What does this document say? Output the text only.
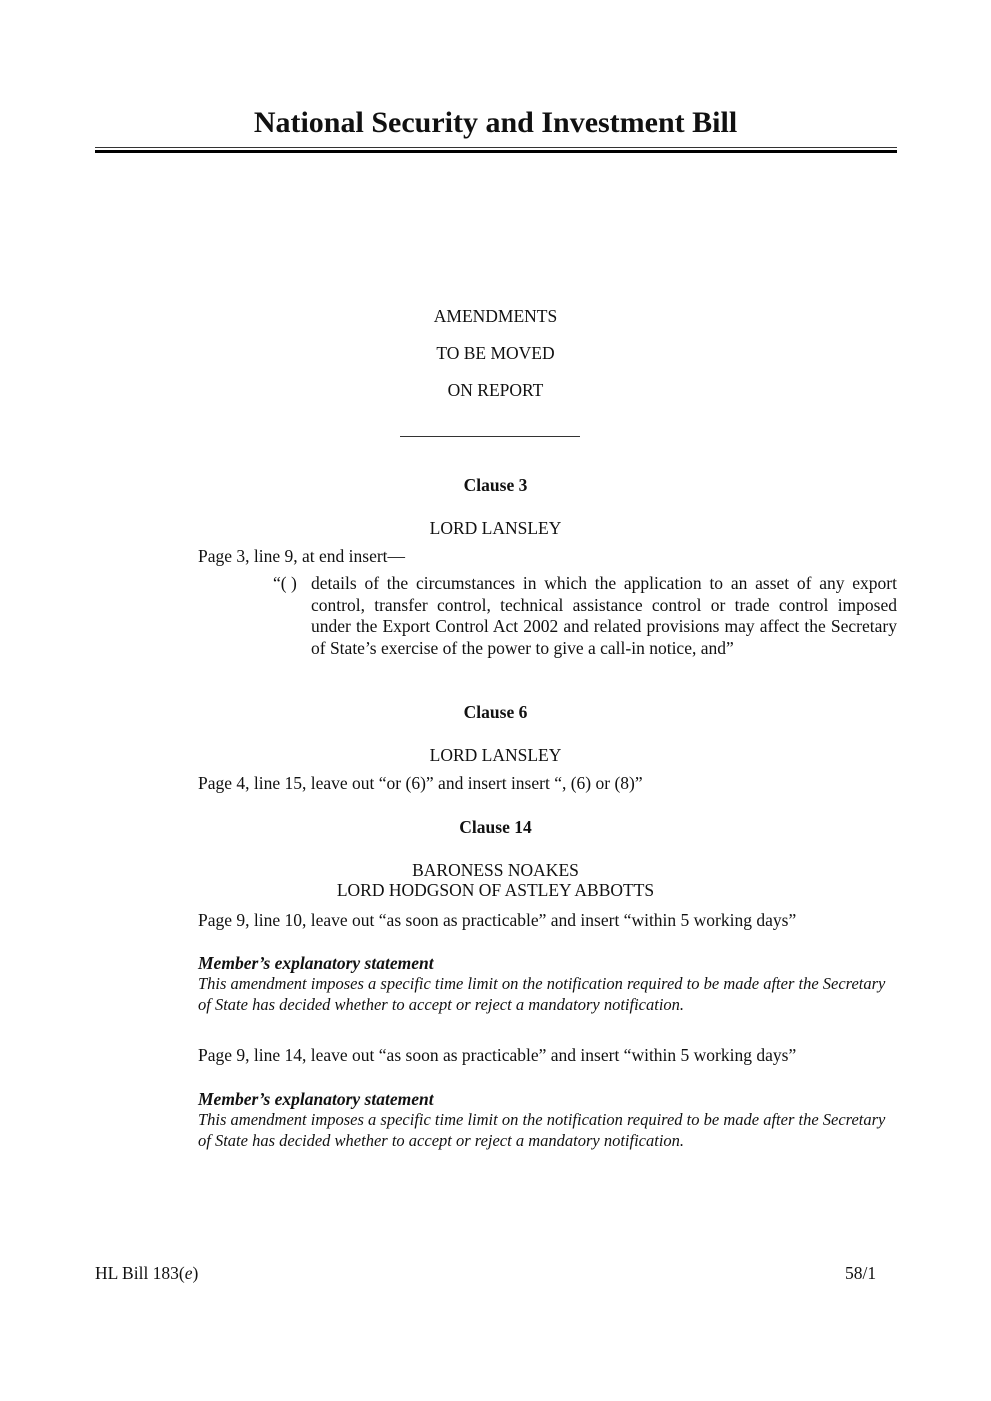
National Security and Investment Bill
AMENDMENTS
TO BE MOVED
ON REPORT
Clause 3
LORD LANSLEY
Page 3, line 9, at end insert—
“( ) details of the circumstances in which the application to an asset of any export control, transfer control, technical assistance control or trade control imposed under the Export Control Act 2002 and related provisions may affect the Secretary of State’s exercise of the power to give a call-in notice, and”
Clause 6
LORD LANSLEY
Page 4, line 15, leave out “or (6)” and insert insert “, (6) or (8)”
Clause 14
BARONESS NOAKES
LORD HODGSON OF ASTLEY ABBOTTS
Page 9, line 10, leave out “as soon as practicable” and insert “within 5 working days”
Member’s explanatory statement
This amendment imposes a specific time limit on the notification required to be made after the Secretary of State has decided whether to accept or reject a mandatory notification.
Page 9, line 14, leave out “as soon as practicable” and insert “within 5 working days”
Member’s explanatory statement
This amendment imposes a specific time limit on the notification required to be made after the Secretary of State has decided whether to accept or reject a mandatory notification.
HL Bill 183(e)	58/1
